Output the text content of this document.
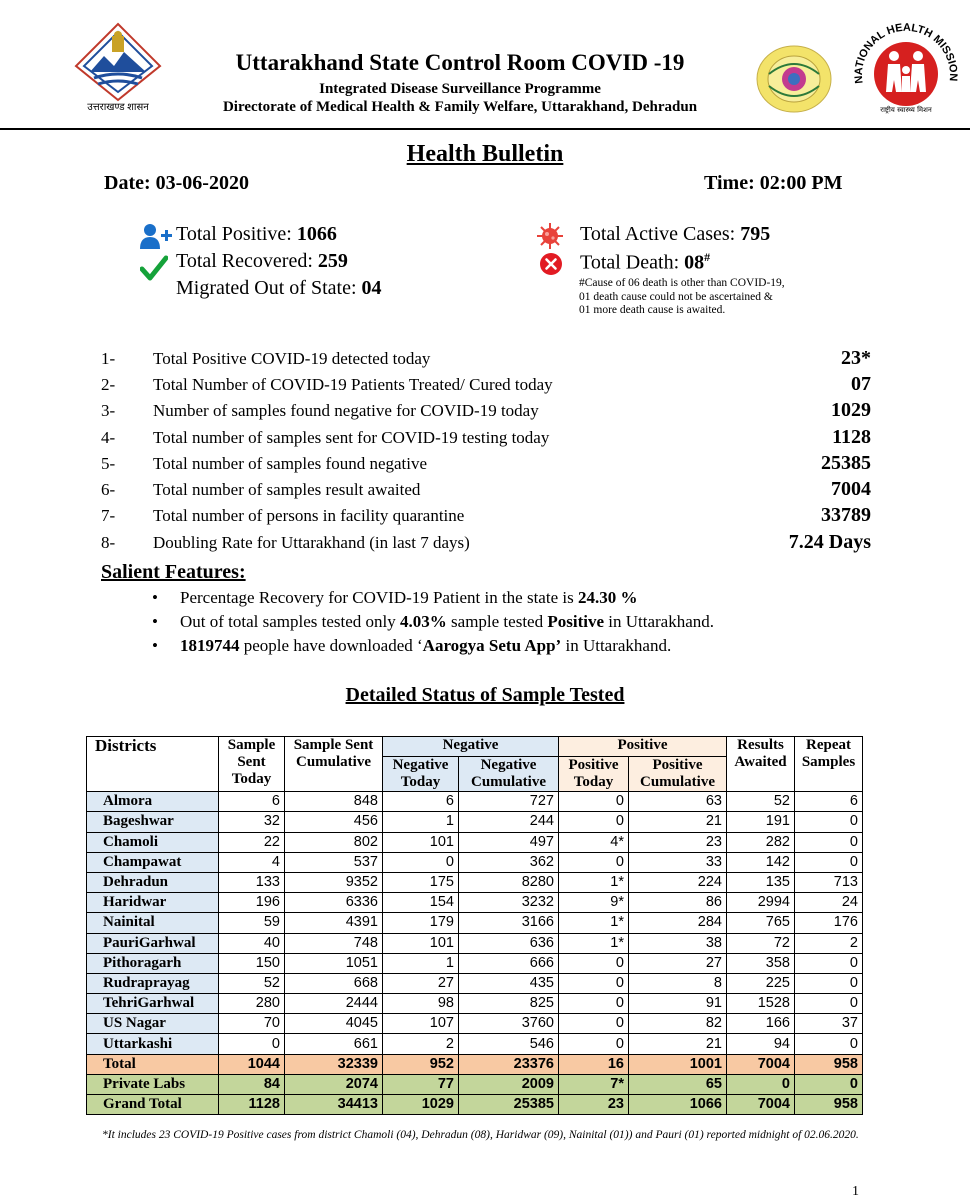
उत्तराखण्ड शासन
Uttarakhand State Control Room COVID -19
Integrated Disease Surveillance Programme
Directorate of Medical Health & Family Welfare, Uttarakhand, Dehradun
NATIONAL HEALTH MISSION
राष्ट्रीय स्वास्थ्य मिशन
Health Bulletin
Date: 03-06-2020	Time: 02:00 PM
Total Positive: 1066
Total Recovered: 259
Migrated Out of State: 04
Total Active Cases: 795
Total Death: 08#
#Cause of 06 death is other than COVID-19,
01 death cause could not be ascertained &
01 more death cause is awaited.
1- Total Positive COVID-19 detected today	23*
2- Total Number of COVID-19 Patients Treated/ Cured today	07
3- Number of samples found negative for COVID-19 today	1029
4- Total number of samples sent for COVID-19 testing today	1128
5- Total number of samples found negative	25385
6- Total number of samples result awaited	7004
7- Total number of persons in facility quarantine	33789
8- Doubling Rate for Uttarakhand (in last 7 days)	7.24 Days
Salient Features:
• Percentage Recovery for COVID-19 Patient in the state is 24.30 %
• Out of total samples tested only 4.03% sample tested Positive in Uttarakhand.
• 1819744 people have downloaded ‘Aarogya Setu App’ in Uttarakhand.
Detailed Status of Sample Tested
Districts	Sample Sent Today	Sample Sent Cumulative	Negative		Positive		Results Awaited	Repeat Samples
			Negative Today	Negative Cumulative	Positive Today	Positive Cumulative		
Almora	6	848	6	727	0	63	52	6
Bageshwar	32	456	1	244	0	21	191	0
Chamoli	22	802	101	497	4*	23	282	0
Champawat	4	537	0	362	0	33	142	0
Dehradun	133	9352	175	8280	1*	224	135	713
Haridwar	196	6336	154	3232	9*	86	2994	24
Nainital	59	4391	179	3166	1*	284	765	176
PauriGarhwal	40	748	101	636	1*	38	72	2
Pithoragarh	150	1051	1	666	0	27	358	0
Rudraprayag	52	668	27	435	0	8	225	0
TehriGarhwal	280	2444	98	825	0	91	1528	0
US Nagar	70	4045	107	3760	0	82	166	37
Uttarkashi	0	661	2	546	0	21	94	0
Total	1044	32339	952	23376	16	1001	7004	958
Private Labs	84	2074	77	2009	7*	65	0	0
Grand Total	1128	34413	1029	25385	23	1066	7004	958
*It includes 23 COVID-19 Positive cases from district Chamoli (04), Dehradun (08), Haridwar (09), Nainital (01)) and Pauri (01) reported midnight of 02.06.2020.
1
